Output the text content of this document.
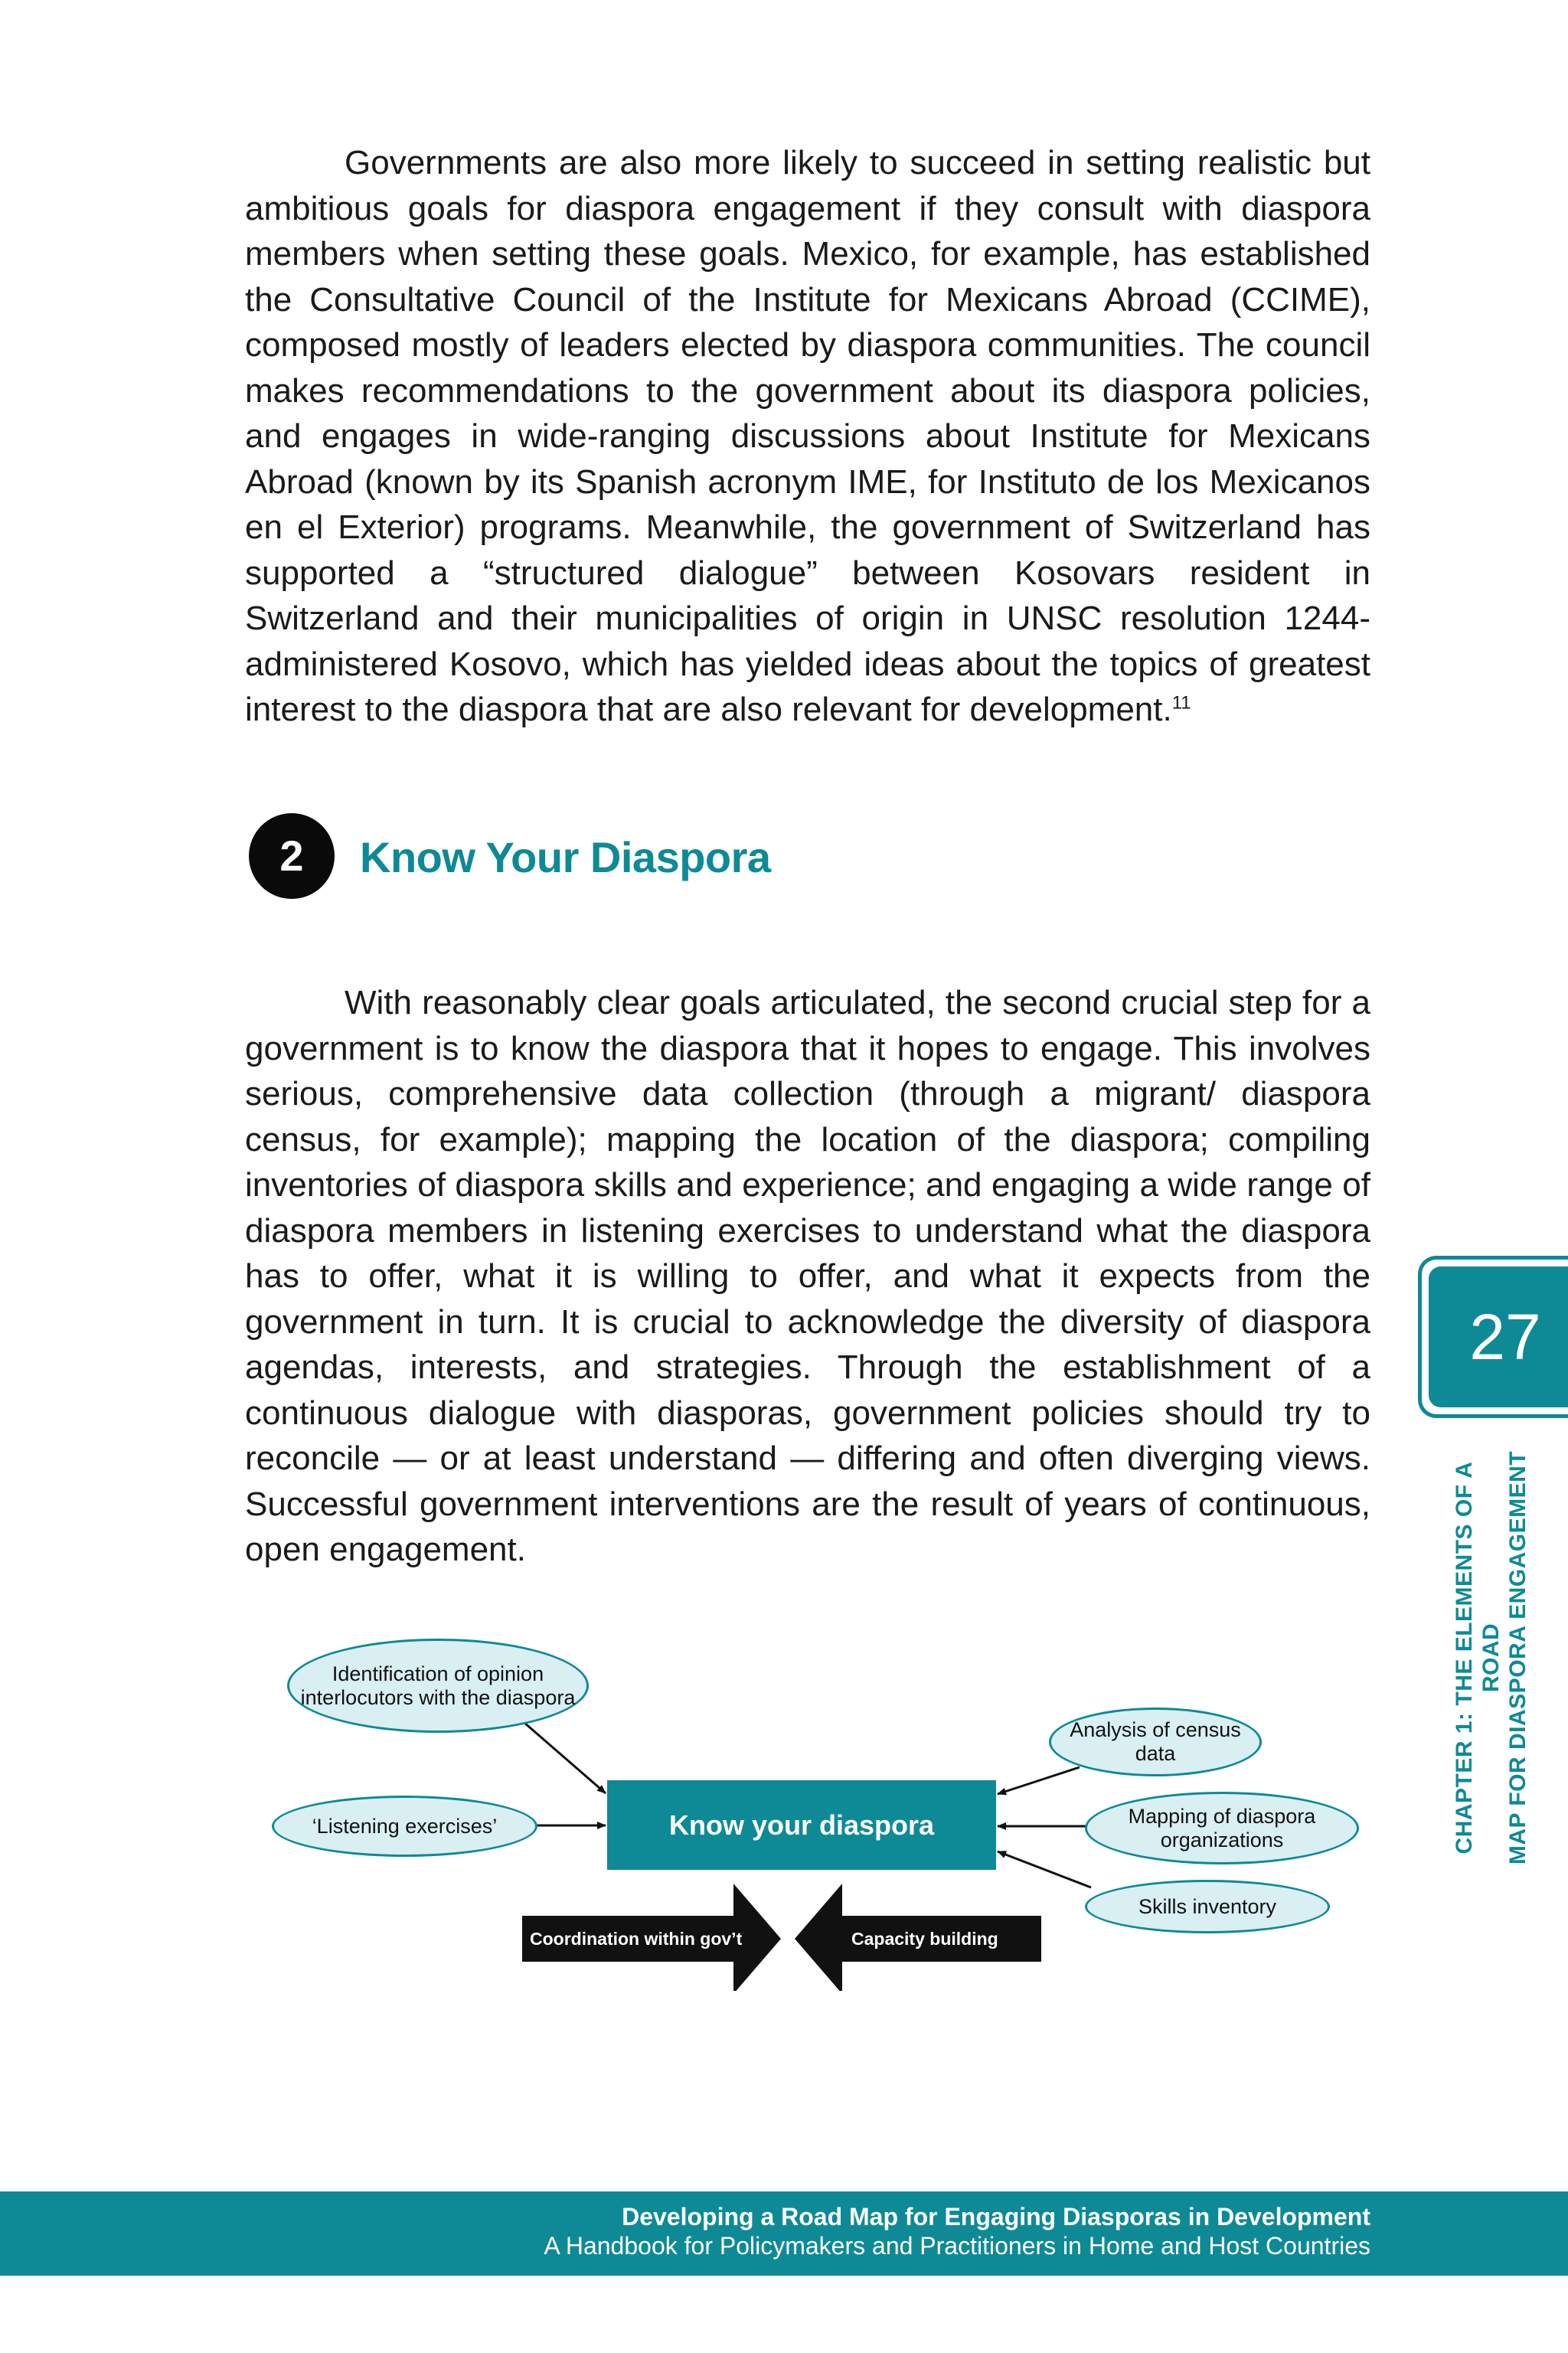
Governments are also more likely to succeed in setting realistic but ambitious goals for diaspora engagement if they consult with diaspora members when setting these goals. Mexico, for example, has established the Consultative Council of the Institute for Mexicans Abroad (CCIME), composed mostly of leaders elected by diaspora communities. The council makes recommendations to the government about its diaspora policies, and engages in wide-ranging discussions about Institute for Mexicans Abroad (known by its Spanish acronym IME, for Instituto de los Mexicanos en el Exterior) programs. Meanwhile, the government of Switzerland has supported a “structured dialogue” between Kosovars resident in Switzerland and their municipalities of origin in UNSC resolution 1244-administered Kosovo, which has yielded ideas about the topics of greatest interest to the diaspora that are also relevant for development.$^{11}$

2	Know Your Diaspora

With reasonably clear goals articulated, the second crucial step for a government is to know the diaspora that it hopes to engage. This involves serious, comprehensive data collection (through a migrant/ diaspora census, for example); mapping the location of the diaspora; compiling inventories of diaspora skills and experience; and engaging a wide range of diaspora members in listening exercises to understand what the diaspora has to offer, what it is willing to offer, and what it expects from the government in turn. It is crucial to acknowledge the diversity of diaspora agendas, interests, and strategies. Through the establishment of a continuous dialogue with diasporas, government policies should try to reconcile — or at least understand — differing and often diverging views. Successful government interventions are the result of years of continuous, open engagement.

Identification of opinion interlocutors with the diaspora
‘Listening exercises’	Know your diaspora
Analysis of census data
Mapping of diaspora organizations
Skills inventory
Coordination within gov’t	Capacity building
27
CHAPTER 1: THE ELEMENTS OF A ROAD MAP FOR DIASPORA ENGAGEMENT
Developing a Road Map for Engaging Diasporas in Development
A Handbook for Policymakers and Practitioners in Home and Host Countries
